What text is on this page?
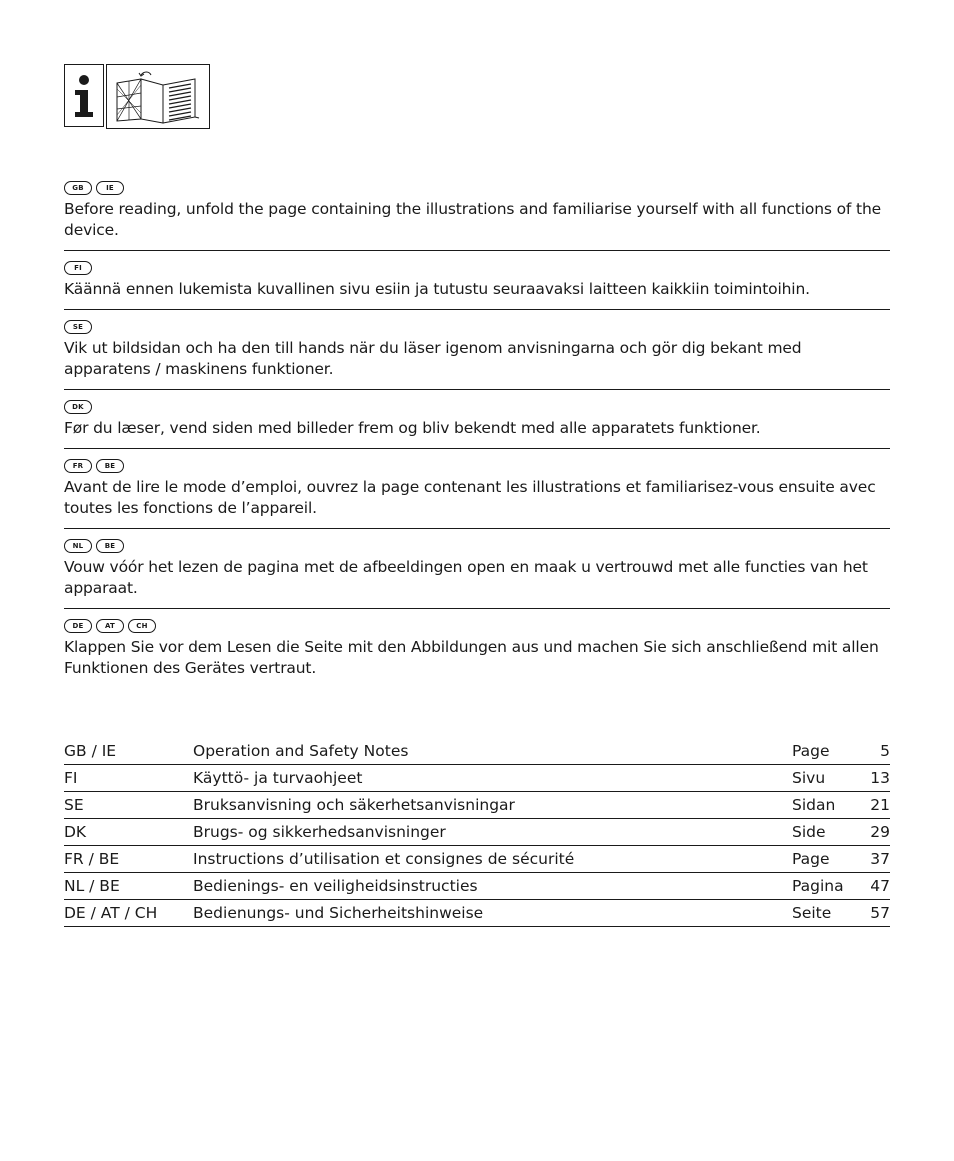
GB	IE

Before reading, unfold the page containing the illustrations and familiarise yourself with all functions of the device.

FI

Käännä ennen lukemista kuvallinen sivu esiin ja tutustu seuraavaksi laitteen kaikkiin toimintoihin.

SE

Vik ut bildsidan och ha den till hands när du läser igenom anvisningarna och gör dig bekant med apparatens / maskinens funktioner.

DK

Før du læser, vend siden med billeder frem og bliv bekendt med alle apparatets funktioner.

FR	BE

Avant de lire le mode d’emploi, ouvrez la page contenant les illustrations et familiarisez-vous ensuite avec toutes les fonctions de l’appareil.

NL	BE

Vouw vóór het lezen de pagina met de afbeeldingen open en maak u vertrouwd met alle functies van het apparaat.

DE	AT	CH

Klappen Sie vor dem Lesen die Seite mit den Abbildungen aus und machen Sie sich anschließend mit allen Funktionen des Gerätes vertraut.

GB / IE	Operation and Safety Notes	Page	5
FI	Käyttö- ja turvaohjeet	Sivu	13
SE	Bruksanvisning och säkerhetsanvisningar	Sidan	21
DK	Brugs- og sikkerhedsanvisninger	Side	29
FR / BE	Instructions d’utilisation et consignes de sécurité	Page	37
NL / BE	Bedienings- en veiligheidsinstructies	Pagina	47
DE / AT / CH	Bedienungs- und Sicherheitshinweise	Seite	57
